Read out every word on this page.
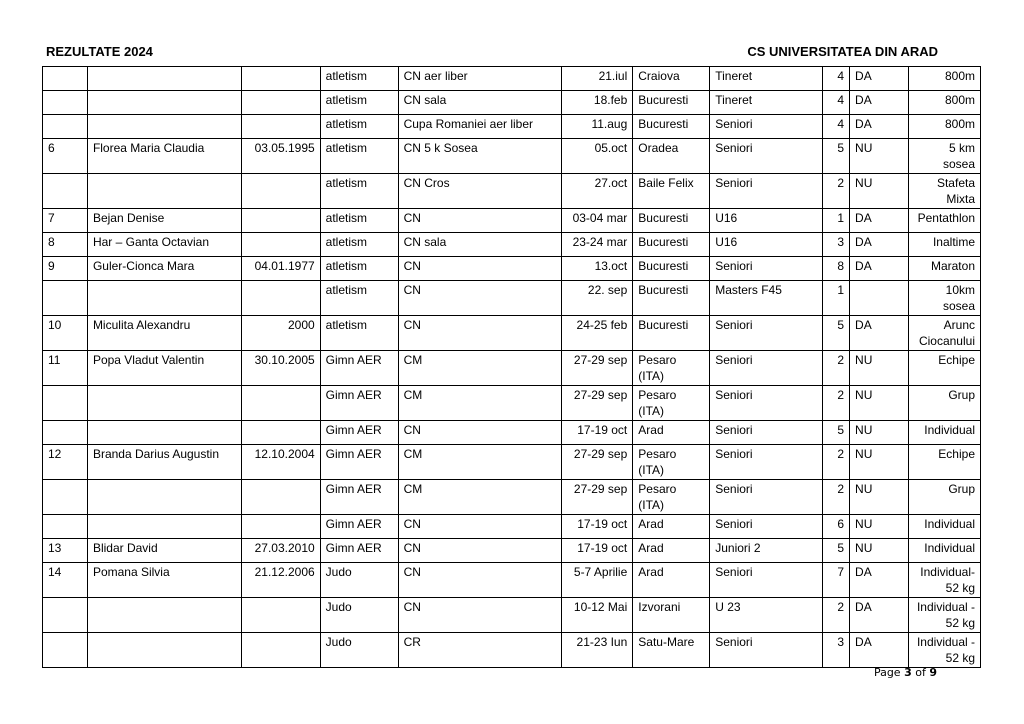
REZULTATE 2024	CS UNIVERSITATEA DIN ARAD
			atletism	CN aer liber	21.iul	Craiova	Tineret	4	DA	800m
			atletism	CN sala	18.feb	Bucuresti	Tineret	4	DA	800m
			atletism	Cupa Romaniei aer liber	11.aug	Bucuresti	Seniori	4	DA	800m
6	Florea Maria Claudia	03.05.1995	atletism	CN 5 k Sosea	05.oct	Oradea	Seniori	5	NU	5 km sosea
			atletism	CN Cros	27.oct	Baile Felix	Seniori	2	NU	Stafeta Mixta
7	Bejan Denise		atletism	CN	03-04 mar	Bucuresti	U16	1	DA	Pentathlon
8	Har – Ganta Octavian		atletism	CN sala	23-24 mar	Bucuresti	U16	3	DA	Inaltime
9	Guler-Cionca Mara	04.01.1977	atletism	CN	13.oct	Bucuresti	Seniori	8	DA	Maraton
			atletism	CN	22. sep	Bucuresti	Masters F45	1		10km sosea
10	Miculita Alexandru	2000	atletism	CN	24-25 feb	Bucuresti	Seniori	5	DA	Arunc Ciocanului
11	Popa Vladut Valentin	30.10.2005	Gimn AER	CM	27-29 sep	Pesaro (ITA)	Seniori	2	NU	Echipe
			Gimn AER	CM	27-29 sep	Pesaro (ITA)	Seniori	2	NU	Grup
			Gimn AER	CN	17-19 oct	Arad	Seniori	5	NU	Individual
12	Branda Darius Augustin	12.10.2004	Gimn AER	CM	27-29 sep	Pesaro (ITA)	Seniori	2	NU	Echipe
			Gimn AER	CM	27-29 sep	Pesaro (ITA)	Seniori	2	NU	Grup
			Gimn AER	CN	17-19 oct	Arad	Seniori	6	NU	Individual
13	Blidar David	27.03.2010	Gimn AER	CN	17-19 oct	Arad	Juniori 2	5	NU	Individual
14	Pomana Silvia	21.12.2006	Judo	CN	5-7 Aprilie	Arad	Seniori	7	DA	Individual-52 kg
			Judo	CN	10-12 Mai	Izvorani	U 23	2	DA	Individual - 52 kg
			Judo	CR	21-23 Iun	Satu-Mare	Seniori	3	DA	Individual - 52 kg
Page 3 of 9
